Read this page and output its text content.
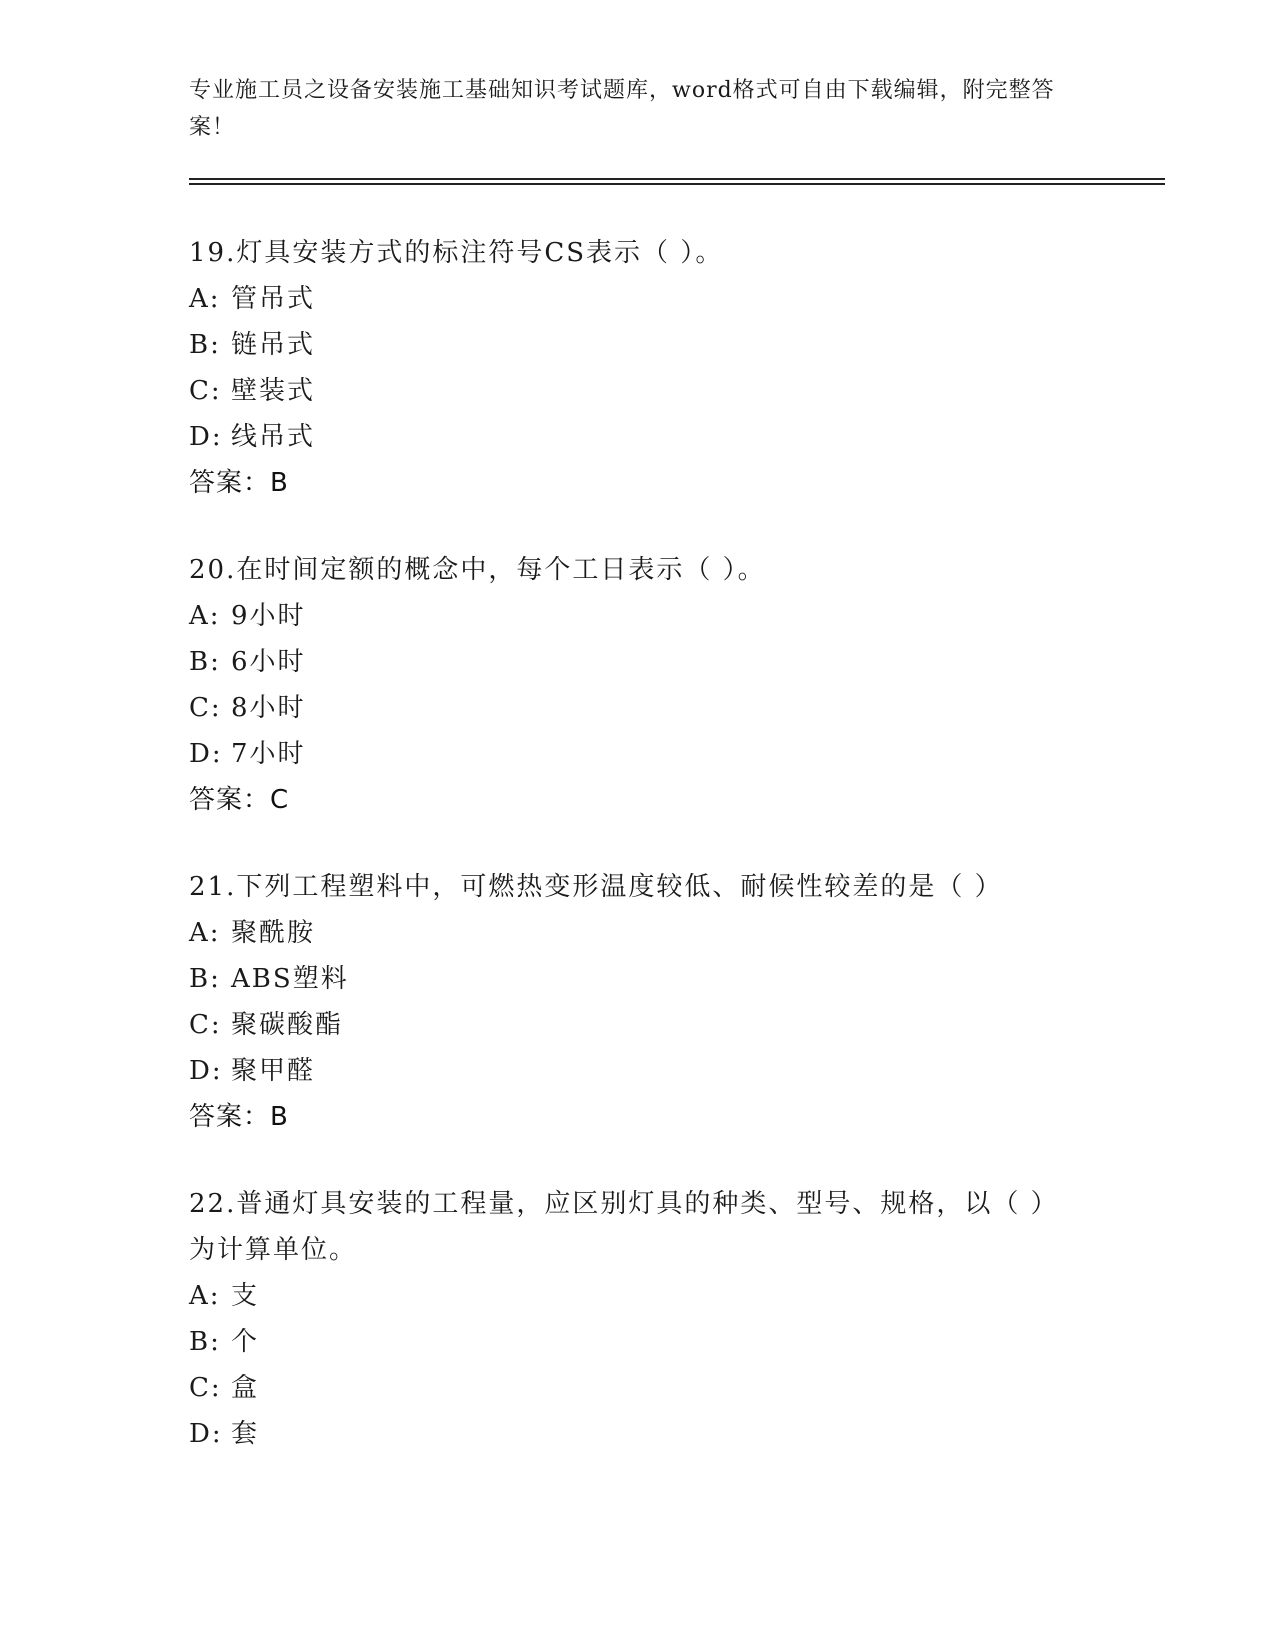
专业施工员之设备安装施工基础知识考试题库，word格式可自由下载编辑，附完整答案！
19.灯具安装方式的标注符号CS表示（ ）。
A: 管吊式
B: 链吊式
C: 壁装式
D: 线吊式
答案：B
20.在时间定额的概念中，每个工日表示（ ）。
A: 9小时
B: 6小时
C: 8小时
D: 7小时
答案：C
21.下列工程塑料中，可燃热变形温度较低、耐候性较差的是（ ）
A: 聚酰胺
B: ABS塑料
C: 聚碳酸酯
D: 聚甲醛
答案：B
22.普通灯具安装的工程量，应区别灯具的种类、型号、规格，以（ ）为计算单位。
A: 支
B: 个
C: 盒
D: 套
